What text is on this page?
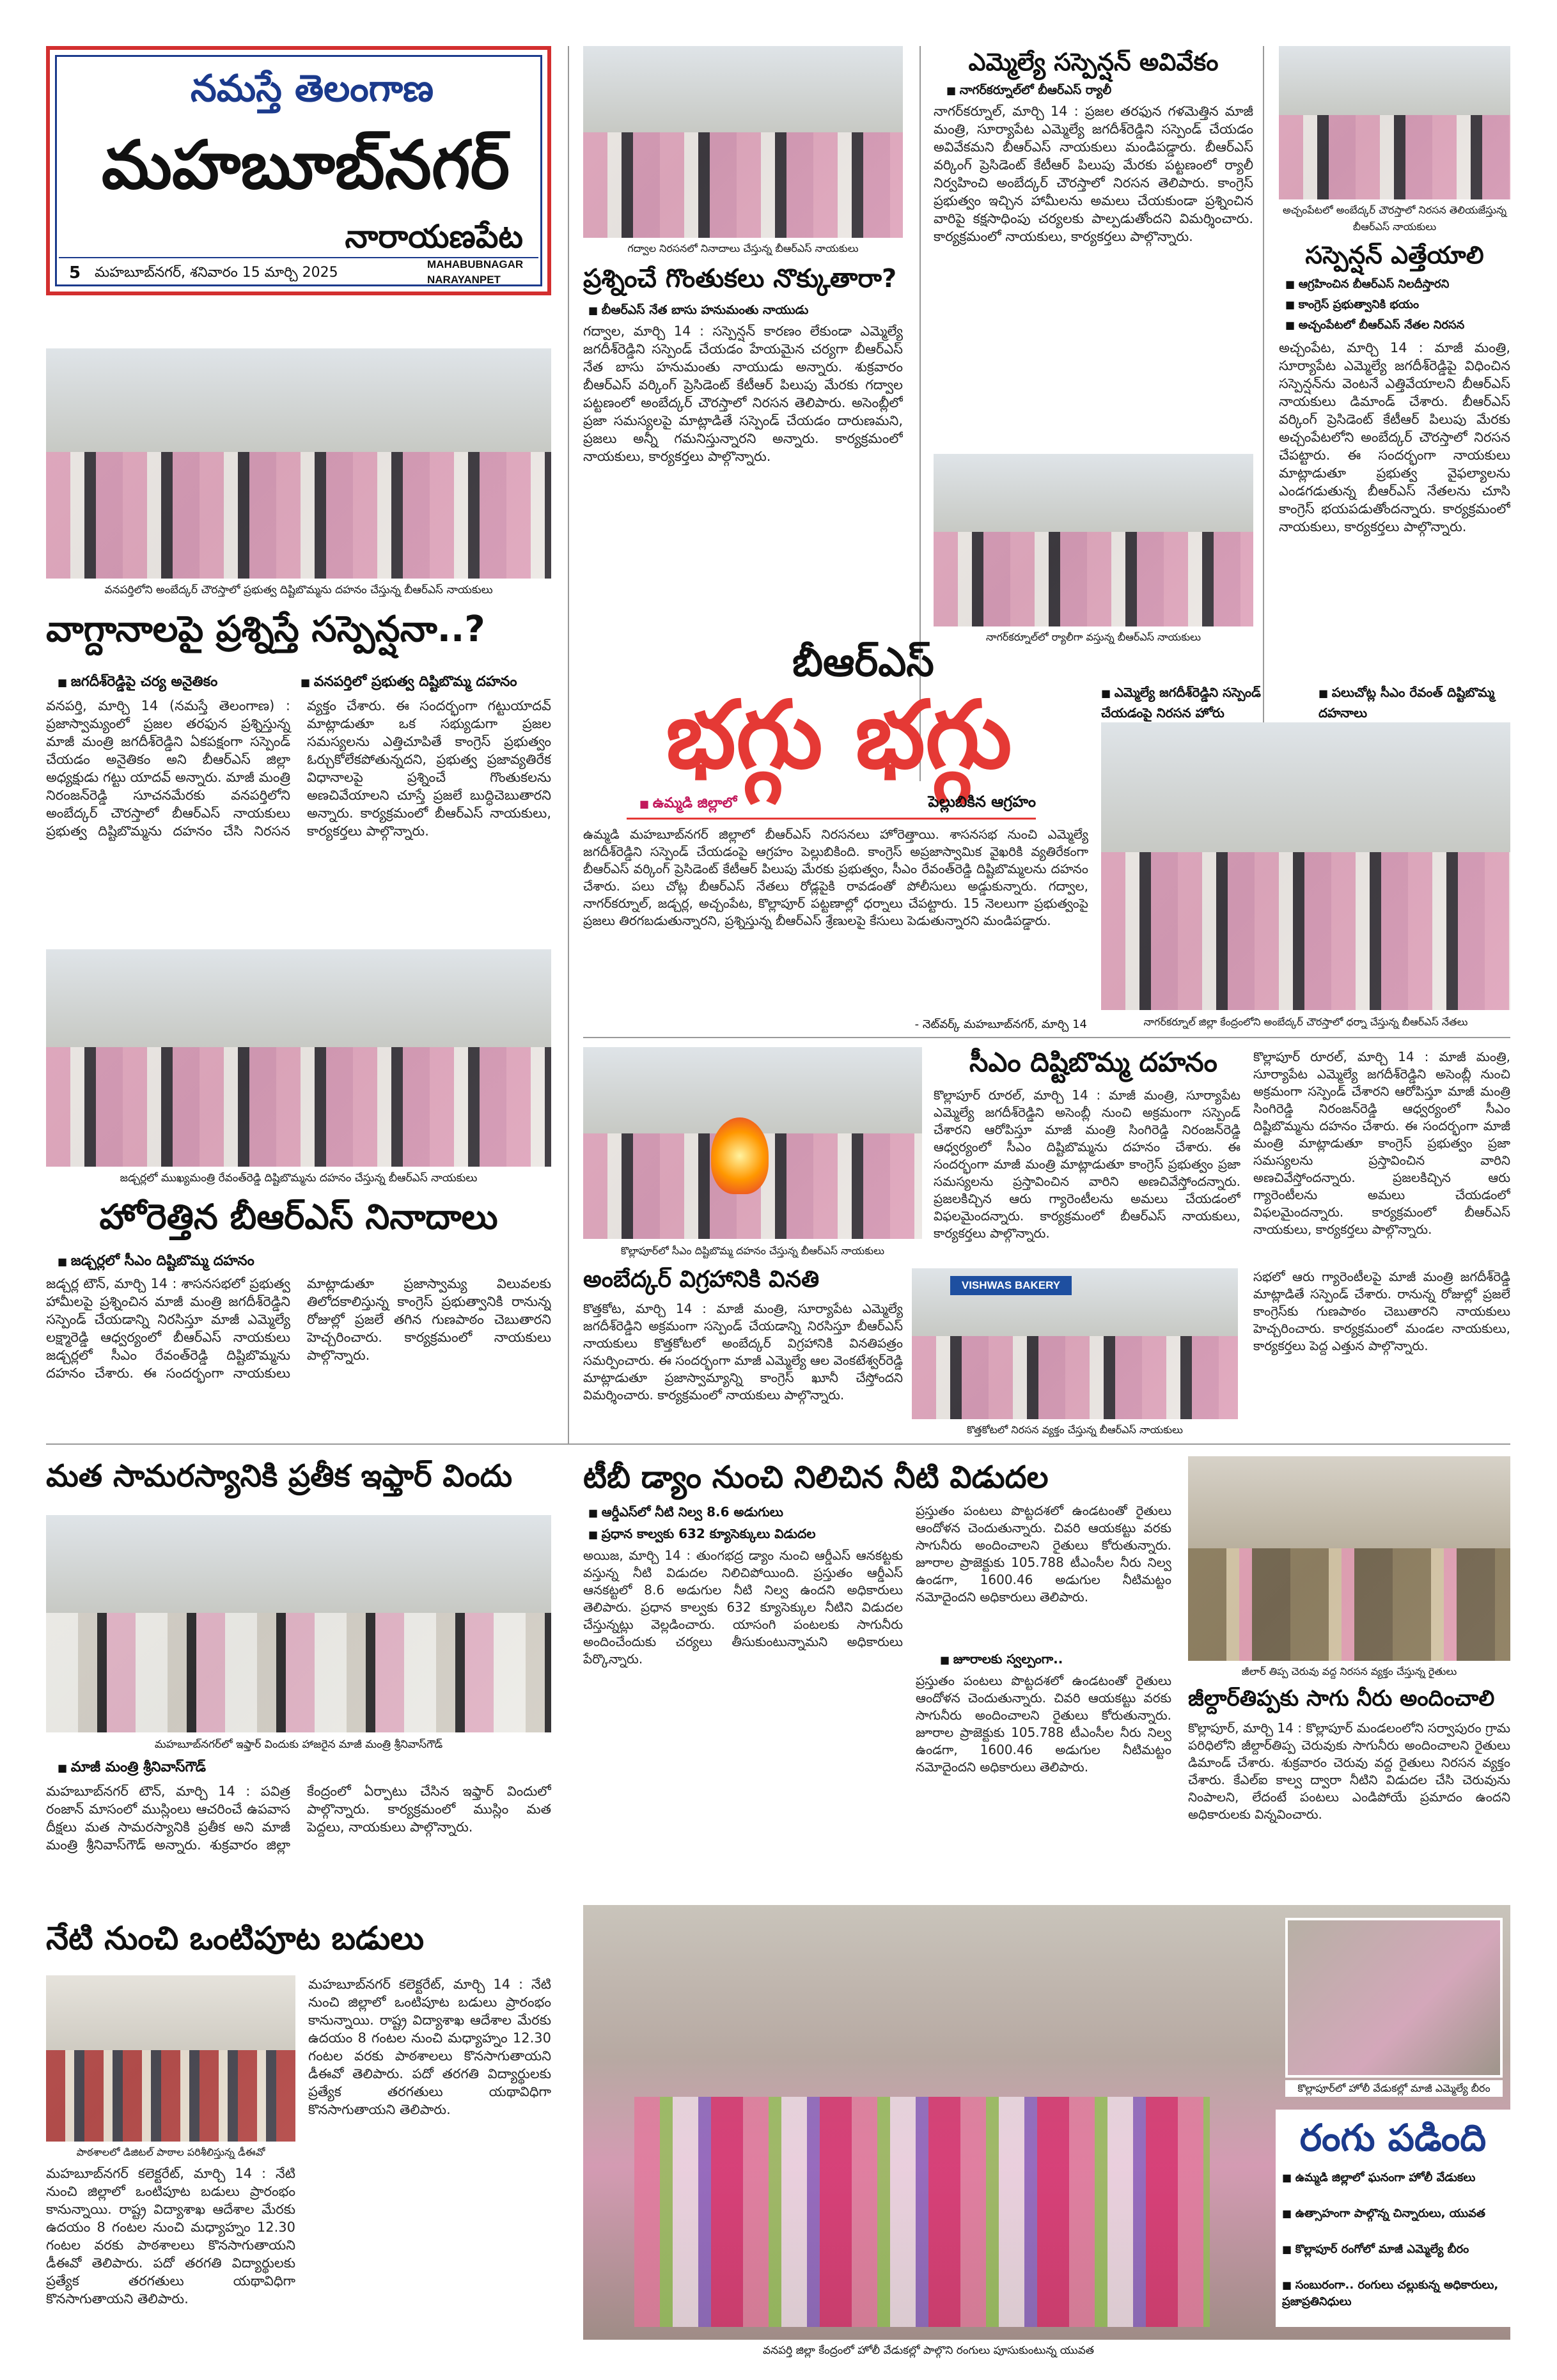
నమస్తే తెలంగాణ
మహబూబ్‌నగర్
నారాయణపేట
5 మహబూబ్‌నగర్, శనివారం 15 మార్చి 2025
MAHABUBNAGAR
NARAYANPET
వనపర్తిలోని అంబేద్కర్ చౌరస్తాలో ప్రభుత్వ దిష్టిబొమ్మను దహనం చేస్తున్న బీఆర్ఎస్ నాయకులు
వాగ్దానాలపై ప్రశ్నిస్తే సస్పెన్షనా..?
■ జగదీశ్‌రెడ్డిపై చర్య అనైతికం
■	వనపర్తిలో ప్రభుత్వ దిష్టిబొమ్మ దహనం
వనపర్తి, మార్చి 14 (నమస్తే తెలంగాణ) : ప్రజాస్వామ్యంలో ప్రజల తరఫున ప్రశ్నిస్తున్న మాజీ మంత్రి జగదీశ్‌రెడ్డిని ఏకపక్షంగా సస్పెండ్ చేయడం అనైతికం అని బీఆర్ఎస్ జిల్లా అధ్యక్షుడు గట్టు యాదవ్ అన్నారు. మాజీ మంత్రి నిరంజన్‌రెడ్డి సూచనమేరకు వనపర్తిలోని అంబేద్కర్ చౌరస్తాలో బీఆర్ఎస్ నాయకులు ప్రభుత్వ దిష్టిబొమ్మను దహనం చేసి నిరసన వ్యక్తం చేశారు. ఈ సందర్భంగా గట్టుయాదవ్ మాట్లాడుతూ ఒక సభ్యుడుగా ప్రజల సమస్యలను ఎత్తిచూపితే కాంగ్రెస్ ప్రభుత్వం ఓర్చుకోలేకపోతున్నదని, ప్రభుత్వ ప్రజావ్యతిరేక విధానాలపై ప్రశ్నించే గొంతుకలను అణచివేయాలని చూస్తే ప్రజలే బుద్ధిచెబుతారని అన్నారు. కార్యక్రమంలో బీఆర్ఎస్ నాయకులు, కార్యకర్తలు పాల్గొన్నారు.
జడ్చర్లలో ముఖ్యమంత్రి రేవంత్‌రెడ్డి దిష్టిబొమ్మను దహనం చేస్తున్న బీఆర్ఎస్ నాయకులు
హోరెత్తిన బీఆర్ఎస్ నినాదాలు
■ జడ్చర్లలో సీఎం దిష్టిబొమ్మ దహనం
జడ్చర్ల టౌన్, మార్చి 14 : శాసనసభలో ప్రభుత్వ హామీలపై ప్రశ్నించిన మాజీ మంత్రి జగదీశ్‌రెడ్డిని సస్పెండ్ చేయడాన్ని నిరసిస్తూ మాజీ ఎమ్మెల్యే లక్ష్మారెడ్డి ఆధ్వర్యంలో బీఆర్ఎస్ నాయకులు జడ్చర్లలో సీఎం రేవంత్‌రెడ్డి దిష్టిబొమ్మను దహనం చేశారు. ఈ సందర్భంగా నాయకులు మాట్లాడుతూ ప్రజాస్వామ్య విలువలకు తిలోదకాలిస్తున్న కాంగ్రెస్ ప్రభుత్వానికి రానున్న రోజుల్లో ప్రజలే తగిన గుణపాఠం చెబుతారని హెచ్చరించారు. కార్యక్రమంలో నాయకులు పాల్గొన్నారు.
మత సామరస్యానికి ప్రతీక ఇఫ్తార్ విందు
మహబూబ్‌నగర్‌లో ఇఫ్తార్ విందుకు హాజరైన మాజీ మంత్రి శ్రీనివాస్‌గౌడ్
■ మాజీ మంత్రి శ్రీనివాస్‌గౌడ్
మహబూబ్‌నగర్ టౌన్, మార్చి 14 : పవిత్ర రంజాన్ మాసంలో ముస్లింలు ఆచరించే ఉపవాస దీక్షలు మత సామరస్యానికి ప్రతీక అని మాజీ మంత్రి శ్రీనివాస్‌గౌడ్ అన్నారు. శుక్రవారం జిల్లా కేంద్రంలో ఏర్పాటు చేసిన ఇఫ్తార్ విందులో పాల్గొన్నారు. కార్యక్రమంలో ముస్లిం మత పెద్దలు, నాయకులు పాల్గొన్నారు.
నేటి నుంచి ఒంటిపూట బడులు
పాఠశాలలో డిజిటల్ పాఠాల పరిశీలిస్తున్న డీఈవో
మహబూబ్‌నగర్ కలెక్టరేట్, మార్చి 14 : నేటి నుంచి జిల్లాలో ఒంటిపూట బడులు ప్రారంభం కానున్నాయి. రాష్ట్ర విద్యాశాఖ ఆదేశాల మేరకు ఉదయం 8 గంటల నుంచి మధ్యాహ్నం 12.30 గంటల వరకు పాఠశాలలు కొనసాగుతాయని డీఈవో తెలిపారు. పదో తరగతి విద్యార్థులకు ప్రత్యేక తరగతులు యథావిధిగా కొనసాగుతాయని తెలిపారు.
మహబూబ్‌నగర్ కలెక్టరేట్, మార్చి 14 : నేటి నుంచి జిల్లాలో ఒంటిపూట బడులు ప్రారంభం కానున్నాయి. రాష్ట్ర విద్యాశాఖ ఆదేశాల మేరకు ఉదయం 8 గంటల నుంచి మధ్యాహ్నం 12.30 గంటల వరకు పాఠశాలలు కొనసాగుతాయని డీఈవో తెలిపారు. పదో తరగతి విద్యార్థులకు ప్రత్యేక తరగతులు యథావిధిగా కొనసాగుతాయని తెలిపారు.
గద్వాల నిరసనలో నినాదాలు చేస్తున్న బీఆర్ఎస్ నాయకులు
ప్రశ్నించే గొంతుకలు నొక్కుతారా?
■ బీఆర్ఎస్ నేత బాసు హనుమంతు నాయుడు
గద్వాల, మార్చి 14 : సస్పెన్షన్ కారణం లేకుండా ఎమ్మెల్యే జగదీశ్‌రెడ్డిని సస్పెండ్ చేయడం హేయమైన చర్యగా బీఆర్ఎస్ నేత బాసు హనుమంతు నాయుడు అన్నారు. శుక్రవారం బీఆర్ఎస్ వర్కింగ్ ప్రెసిడెంట్ కేటీఆర్ పిలుపు మేరకు గద్వాల పట్టణంలో అంబేద్కర్ చౌరస్తాలో నిరసన తెలిపారు. అసెంబ్లీలో ప్రజా సమస్యలపై మాట్లాడితే సస్పెండ్ చేయడం దారుణమని, ప్రజలు అన్నీ గమనిస్తున్నారని అన్నారు. కార్యక్రమంలో నాయకులు, కార్యకర్తలు పాల్గొన్నారు.
ఎమ్మెల్యే సస్పెన్షన్ అవివేకం
■ నాగర్‌కర్నూల్‌లో బీఆర్ఎస్ ర్యాలీ
నాగర్‌కర్నూల్, మార్చి 14 : ప్రజల తరఫున గళమెత్తిన మాజీ మంత్రి, సూర్యాపేట ఎమ్మెల్యే జగదీశ్‌రెడ్డిని సస్పెండ్ చేయడం అవివేకమని బీఆర్ఎస్ నాయకులు మండిపడ్డారు. బీఆర్ఎస్ వర్కింగ్ ప్రెసిడెంట్ కేటీఆర్ పిలుపు మేరకు పట్టణంలో ర్యాలీ నిర్వహించి అంబేద్కర్ చౌరస్తాలో నిరసన తెలిపారు. కాంగ్రెస్ ప్రభుత్వం ఇచ్చిన హామీలను అమలు చేయకుండా ప్రశ్నించిన వారిపై కక్షసాధింపు చర్యలకు పాల్పడుతోందని విమర్శించారు. కార్యక్రమంలో నాయకులు, కార్యకర్తలు పాల్గొన్నారు.
నాగర్‌కర్నూల్‌లో ర్యాలీగా వస్తున్న బీఆర్ఎస్ నాయకులు
అచ్చంపేటలో అంబేద్కర్ చౌరస్తాలో నిరసన తెలియజేస్తున్న బీఆర్ఎస్ నాయకులు
సస్పెన్షన్ ఎత్తేయాలి
■ ఆగ్రహించిన బీఆర్ఎస్ నిలదీస్తారని
■ కాంగ్రెస్ ప్రభుత్వానికి భయం
■ అచ్చంపేటలో బీఆర్ఎస్ నేతల నిరసన
అచ్చంపేట, మార్చి 14 : మాజీ మంత్రి, సూర్యాపేట ఎమ్మెల్యే జగదీశ్‌రెడ్డిపై విధించిన సస్పెన్షన్‌ను వెంటనే ఎత్తివేయాలని బీఆర్ఎస్ నాయకులు డిమాండ్ చేశారు. బీఆర్ఎస్ వర్కింగ్ ప్రెసిడెంట్ కేటీఆర్ పిలుపు మేరకు అచ్చంపేటలోని అంబేద్కర్ చౌరస్తాలో నిరసన చేపట్టారు. ఈ సందర్భంగా నాయకులు మాట్లాడుతూ ప్రభుత్వ వైఫల్యాలను ఎండగడుతున్న బీఆర్ఎస్ నేతలను చూసి కాంగ్రెస్ భయపడుతోందన్నారు. కార్యక్రమంలో నాయకులు, కార్యకర్తలు పాల్గొన్నారు.
బీఆర్ఎస్
భగ్గు భగ్గు
■ ఉమ్మడి జిల్లాలో	పెల్లుబికిన ఆగ్రహం
ఉమ్మడి మహబూబ్‌నగర్ జిల్లాలో బీఆర్ఎస్ నిరసనలు హోరెత్తాయి. శాసనసభ నుంచి ఎమ్మెల్యే జగదీశ్‌రెడ్డిని సస్పెండ్ చేయడంపై ఆగ్రహం పెల్లుబికింది. కాంగ్రెస్ అప్రజాస్వామిక వైఖరికి వ్యతిరేకంగా బీఆర్ఎస్ వర్కింగ్ ప్రెసిడెంట్ కేటీఆర్ పిలుపు మేరకు ప్రభుత్వం, సీఎం రేవంత్‌రెడ్డి దిష్టిబొమ్మలను దహనం చేశారు. పలు చోట్ల బీఆర్ఎస్ నేతలు రోడ్లపైకి రావడంతో పోలీసులు అడ్డుకున్నారు. గద్వాల, నాగర్‌కర్నూల్, జడ్చర్ల, అచ్చంపేట, కొల్లాపూర్ పట్టణాల్లో ధర్నాలు చేపట్టారు. 15 నెలలుగా ప్రభుత్వంపై ప్రజలు తిరగబడుతున్నారని, ప్రశ్నిస్తున్న బీఆర్ఎస్ శ్రేణులపై కేసులు పెడుతున్నారని మండిపడ్డారు.
- నెట్‌వర్క్ మహబూబ్‌నగర్, మార్చి 14
■ ఎమ్మెల్యే జగదీశ్‌రెడ్డిని సస్పెండ్ చేయడంపై నిరసన హోరు
■ పలుచోట్ల సీఎం రేవంత్ దిష్టిబొమ్మ దహనాలు
నాగర్‌కర్నూల్ జిల్లా కేంద్రంలోని అంబేద్కర్ చౌరస్తాలో ధర్నా చేస్తున్న బీఆర్ఎస్ నేతలు
కొల్లాపూర్‌లో సీఎం దిష్టిబొమ్మ దహనం చేస్తున్న బీఆర్ఎస్ నాయకులు
సీఎం దిష్టిబొమ్మ దహనం
కొల్లాపూర్ రూరల్, మార్చి 14 : మాజీ మంత్రి, సూర్యాపేట ఎమ్మెల్యే జగదీశ్‌రెడ్డిని అసెంబ్లీ నుంచి అక్రమంగా సస్పెండ్ చేశారని ఆరోపిస్తూ మాజీ మంత్రి సింగిరెడ్డి నిరంజన్‌రెడ్డి ఆధ్వర్యంలో సీఎం దిష్టిబొమ్మను దహనం చేశారు. ఈ సందర్భంగా మాజీ మంత్రి మాట్లాడుతూ కాంగ్రెస్ ప్రభుత్వం ప్రజా సమస్యలను ప్రస్తావించిన వారిని అణచివేస్తోందన్నారు. ప్రజలకిచ్చిన ఆరు గ్యారెంటీలను అమలు చేయడంలో విఫలమైందన్నారు. కార్యక్రమంలో బీఆర్ఎస్ నాయకులు, కార్యకర్తలు పాల్గొన్నారు.
కొల్లాపూర్ రూరల్, మార్చి 14 : మాజీ మంత్రి, సూర్యాపేట ఎమ్మెల్యే జగదీశ్‌రెడ్డిని అసెంబ్లీ నుంచి అక్రమంగా సస్పెండ్ చేశారని ఆరోపిస్తూ మాజీ మంత్రి సింగిరెడ్డి నిరంజన్‌రెడ్డి ఆధ్వర్యంలో సీఎం దిష్టిబొమ్మను దహనం చేశారు. ఈ సందర్భంగా మాజీ మంత్రి మాట్లాడుతూ కాంగ్రెస్ ప్రభుత్వం ప్రజా సమస్యలను ప్రస్తావించిన వారిని అణచివేస్తోందన్నారు. ప్రజలకిచ్చిన ఆరు గ్యారెంటీలను అమలు చేయడంలో విఫలమైందన్నారు. కార్యక్రమంలో బీఆర్ఎస్ నాయకులు, కార్యకర్తలు పాల్గొన్నారు.
అంబేద్కర్ విగ్రహానికి వినతి
కొత్తకోట, మార్చి 14 : మాజీ మంత్రి, సూర్యాపేట ఎమ్మెల్యే జగదీశ్‌రెడ్డిని అక్రమంగా సస్పెండ్ చేయడాన్ని నిరసిస్తూ బీఆర్ఎస్ నాయకులు కొత్తకోటలో అంబేద్కర్ విగ్రహానికి వినతిపత్రం సమర్పించారు. ఈ సందర్భంగా మాజీ ఎమ్మెల్యే ఆల వెంకటేశ్వర్‌రెడ్డి మాట్లాడుతూ ప్రజాస్వామ్యాన్ని కాంగ్రెస్ ఖూనీ చేస్తోందని విమర్శించారు. కార్యక్రమంలో నాయకులు పాల్గొన్నారు.
VISHWAS BAKERY
కొత్తకోటలో నిరసన వ్యక్తం చేస్తున్న బీఆర్ఎస్ నాయకులు
సభలో ఆరు గ్యారెంటీలపై మాజీ మంత్రి జగదీశ్‌రెడ్డి మాట్లాడితే సస్పెండ్ చేశారు. రానున్న రోజుల్లో ప్రజలే కాంగ్రెస్‌కు గుణపాఠం చెబుతారని నాయకులు హెచ్చరించారు. కార్యక్రమంలో మండల నాయకులు, కార్యకర్తలు పెద్ద ఎత్తున పాల్గొన్నారు.
టీబీ డ్యాం నుంచి నిలిచిన నీటి విడుదల
■ ఆర్డీఎస్‌లో నీటి నిల్వ 8.6 అడుగులు
■ ప్రధాన కాల్వకు 632 క్యూసెక్కులు విడుదల
అయిజ, మార్చి 14 : తుంగభద్ర డ్యాం నుంచి ఆర్డీఎస్ ఆనకట్టకు వస్తున్న నీటి విడుదల నిలిచిపోయింది. ప్రస్తుతం ఆర్డీఎస్ ఆనకట్టలో 8.6 అడుగుల నీటి నిల్వ ఉందని అధికారులు తెలిపారు. ప్రధాన కాల్వకు 632 క్యూసెక్కుల నీటిని విడుదల చేస్తున్నట్లు వెల్లడించారు. యాసంగి పంటలకు సాగునీరు అందించేందుకు చర్యలు తీసుకుంటున్నామని అధికారులు పేర్కొన్నారు.
ప్రస్తుతం పంటలు పొట్టదశలో ఉండటంతో రైతులు ఆందోళన చెందుతున్నారు. చివరి ఆయకట్టు వరకు సాగునీరు అందించాలని రైతులు కోరుతున్నారు. జూరాల ప్రాజెక్టుకు 105.788 టీఎంసీల నీరు నిల్వ ఉండగా, 1600.46 అడుగుల నీటిమట్టం నమోదైందని అధికారులు తెలిపారు.
■ జూరాలకు స్వల్పంగా..
ప్రస్తుతం పంటలు పొట్టదశలో ఉండటంతో రైతులు ఆందోళన చెందుతున్నారు. చివరి ఆయకట్టు వరకు సాగునీరు అందించాలని రైతులు కోరుతున్నారు. జూరాల ప్రాజెక్టుకు 105.788 టీఎంసీల నీరు నిల్వ ఉండగా, 1600.46 అడుగుల నీటిమట్టం నమోదైందని అధికారులు తెలిపారు.
జీలార్ తిప్ప చెరువు వద్ద నిరసన వ్యక్తం చేస్తున్న రైతులు
జీల్దార్‌తిప్పకు సాగు నీరు అందించాలి
కొల్లాపూర్, మార్చి 14 : కొల్లాపూర్ మండలంలోని సర్వాపురం గ్రామ పరిధిలోని జీల్దార్‌తిప్ప చెరువుకు సాగునీరు అందించాలని రైతులు డిమాండ్ చేశారు. శుక్రవారం చెరువు వద్ద రైతులు నిరసన వ్యక్తం చేశారు. కేఎల్ఐ కాల్వ ద్వారా నీటిని విడుదల చేసి చెరువును నింపాలని, లేదంటే పంటలు ఎండిపోయే ప్రమాదం ఉందని అధికారులకు విన్నవించారు.
కొల్లాపూర్‌లో హోలీ వేడుకల్లో మాజీ ఎమ్మెల్యే బీరం
రంగు పడింది
■ ఉమ్మడి జిల్లాలో ఘనంగా హోలీ వేడుకలు
■ ఉత్సాహంగా పాల్గొన్న చిన్నారులు, యువత
■ కొల్లాపూర్ రంగోలో మాజీ ఎమ్మెల్యే బీరం
■ సంబురంగా.. రంగులు చల్లుకున్న అధికారులు, ప్రజాప్రతినిధులు
వనపర్తి జిల్లా కేంద్రంలో హోలీ వేడుకల్లో పాల్గొని రంగులు పూసుకుంటున్న యువత
